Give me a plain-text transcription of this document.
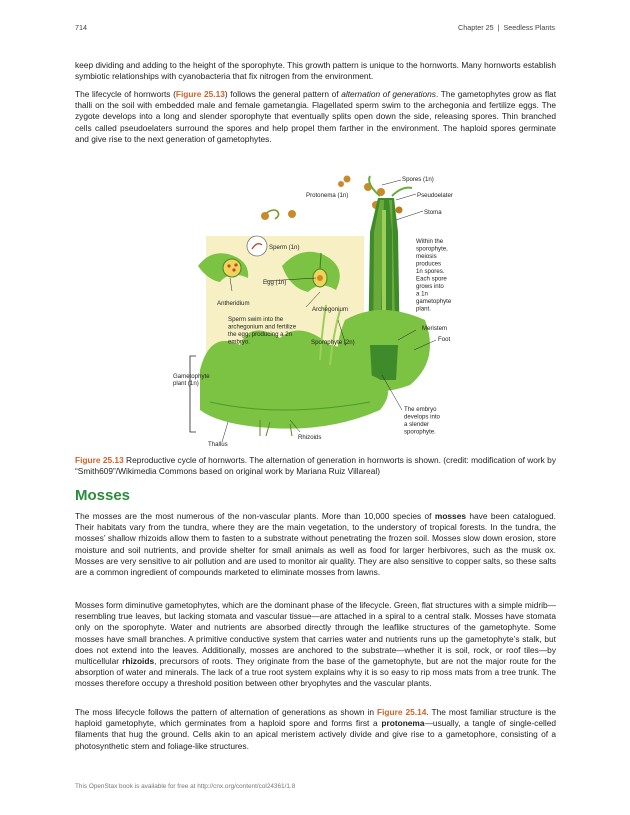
714	Chapter 25 | Seedless Plants

keep dividing and adding to the height of the sporophyte. This growth pattern is unique to the hornworts. Many hornworts establish symbiotic relationships with cyanobacteria that fix nitrogen from the environment.

The lifecycle of hornworts (Figure 25.13) follows the general pattern of alternation of generations. The gametophytes grow as flat thalli on the soil with embedded male and female gametangia. Flagellated sperm swim to the archegonia and fertilize eggs. The zygote develops into a long and slender sporophyte that eventually splits open down the side, releasing spores. Thin branched cells called pseudoelaters surround the spores and help propel them farther in the environment. The haploid spores germinate and give rise to the next generation of gametophytes.

Spores (1n)
Protonema (1n)	Pseudoelater
Stoma
Sperm (1n)
Egg (1n)
Antheridium
Archegonium
Sperm swim into the
archegonium and fertilize
the egg, producing a 2n
embryo.	Sporophyte (2n)
Within the
sporophyte,
meiosis
produces
1n spores.
Each spore
grows into
a 1n
gametophyte
plant.
Meristem
Foot
Gametophyte
plant (1n)
The embryo
develops into
a slender
sporophyte.
Rhizoids
Thallus

Figure 25.13 Reproductive cycle of hornworts. The alternation of generation in hornworts is shown. (credit: modification of work by “Smith609”/Wikimedia Commons based on original work by Mariana Ruiz Villareal)

Mosses

The mosses are the most numerous of the non-vascular plants. More than 10,000 species of mosses have been catalogued. Their habitats vary from the tundra, where they are the main vegetation, to the understory of tropical forests. In the tundra, the mosses’ shallow rhizoids allow them to fasten to a substrate without penetrating the frozen soil. Mosses slow down erosion, store moisture and soil nutrients, and provide shelter for small animals as well as food for larger herbivores, such as the musk ox. Mosses are very sensitive to air pollution and are used to monitor air quality. They are also sensitive to copper salts, so these salts are a common ingredient of compounds marketed to eliminate mosses from lawns.

Mosses form diminutive gametophytes, which are the dominant phase of the lifecycle. Green, flat structures with a simple midrib—resembling true leaves, but lacking stomata and vascular tissue—are attached in a spiral to a central stalk. Mosses have stomata only on the sporophyte. Water and nutrients are absorbed directly through the leaflike structures of the gametophyte. Some mosses have small branches. A primitive conductive system that carries water and nutrients runs up the gametophyte’s stalk, but does not extend into the leaves. Additionally, mosses are anchored to the substrate—whether it is soil, rock, or roof tiles—by multicellular rhizoids, precursors of roots. They originate from the base of the gametophyte, but are not the major route for the absorption of water and minerals. The lack of a true root system explains why it is so easy to rip moss mats from a tree trunk. The mosses therefore occupy a threshold position between other bryophytes and the vascular plants.

The moss lifecycle follows the pattern of alternation of generations as shown in Figure 25.14. The most familiar structure is the haploid gametophyte, which germinates from a haploid spore and forms first a protonema—usually, a tangle of single-celled filaments that hug the ground. Cells akin to an apical meristem actively divide and give rise to a gametophore, consisting of a photosynthetic stem and foliage-like structures.

This OpenStax book is available for free at http://cnx.org/content/col24361/1.8
